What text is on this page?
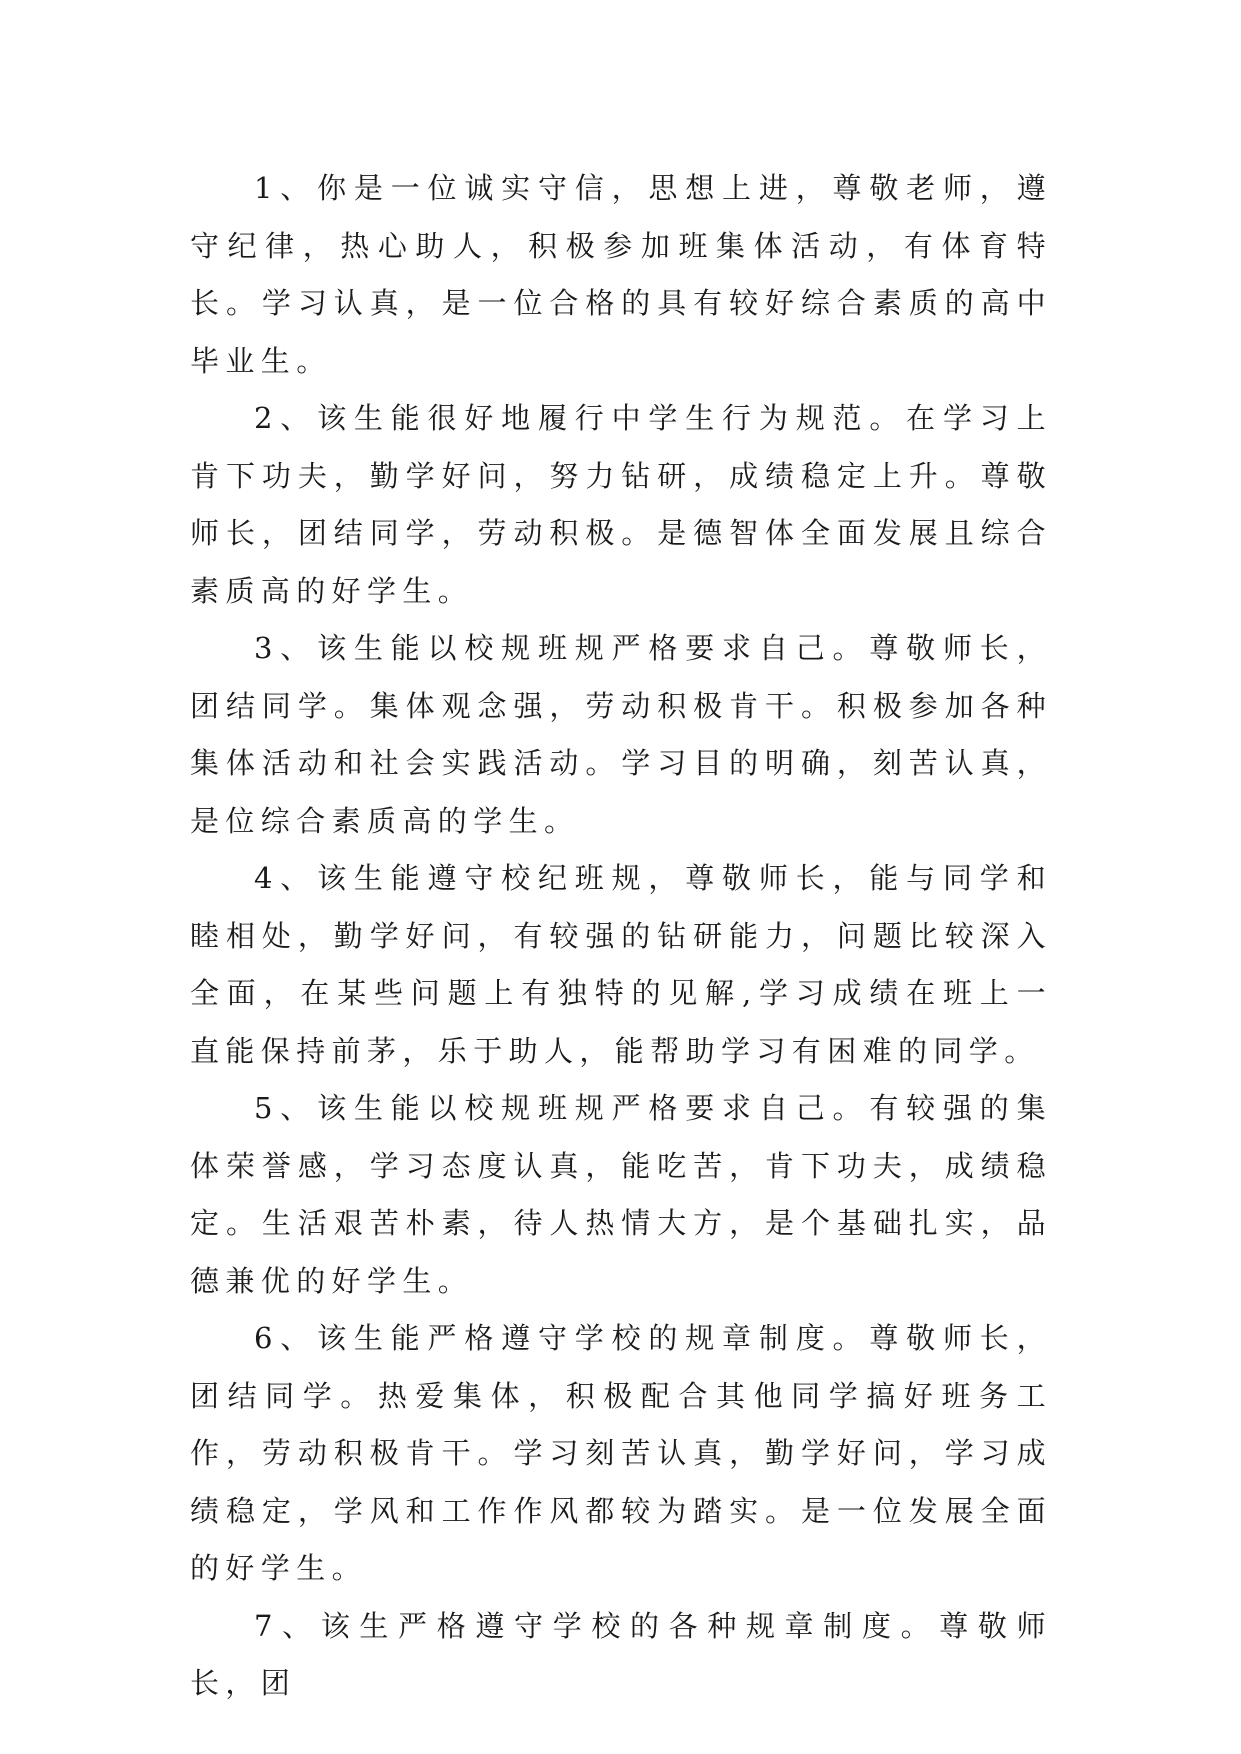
1、你是一位诚实守信，思想上进，尊敬老师，遵守纪律，热心助人，积极参加班集体活动，有体育特长。学习认真，是一位合格的具有较好综合素质的高中毕业生。

2、该生能很好地履行中学生行为规范。在学习上肯下功夫，勤学好问，努力钻研，成绩稳定上升。尊敬师长，团结同学，劳动积极。是德智体全面发展且综合素质高的好学生。

3、该生能以校规班规严格要求自己。尊敬师长，团结同学。集体观念强，劳动积极肯干。积极参加各种集体活动和社会实践活动。学习目的明确，刻苦认真，是位综合素质高的学生。

4、该生能遵守校纪班规，尊敬师长，能与同学和睦相处，勤学好问，有较强的钻研能力，问题比较深入全面，在某些问题上有独特的见解,学习成绩在班上一直能保持前茅，乐于助人，能帮助学习有困难的同学。

5、该生能以校规班规严格要求自己。有较强的集体荣誉感，学习态度认真，能吃苦，肯下功夫，成绩稳定。生活艰苦朴素，待人热情大方，是个基础扎实，品德兼优的好学生。

6、该生能严格遵守学校的规章制度。尊敬师长，团结同学。热爱集体，积极配合其他同学搞好班务工作，劳动积极肯干。学习刻苦认真，勤学好问，学习成绩稳定，学风和工作作风都较为踏实。是一位发展全面的好学生。

7、该生严格遵守学校的各种规章制度。尊敬师长，团
